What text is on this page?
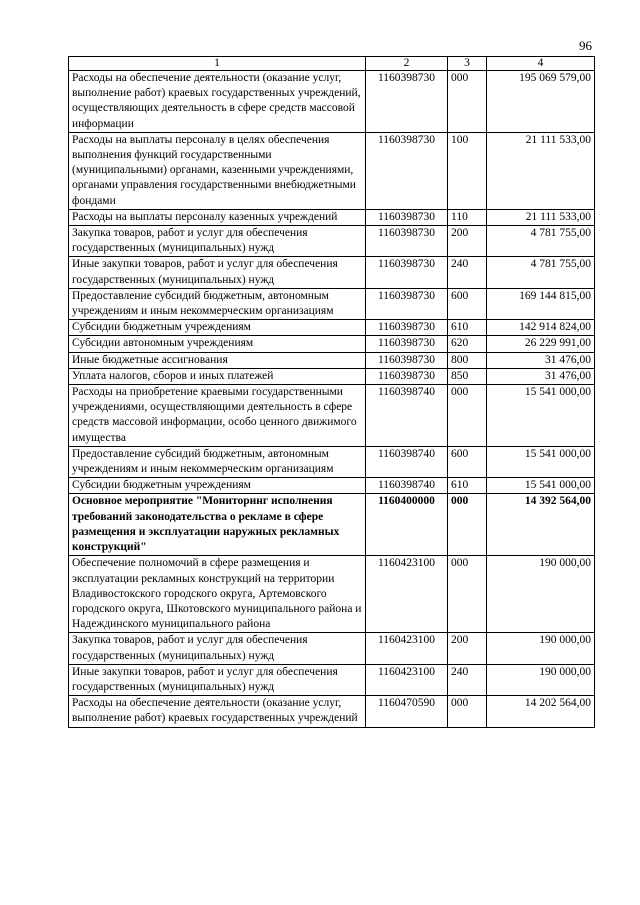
96
1	2	3	4
Расходы на обеспечение деятельности (оказание услуг, выполнение работ) краевых государственных учреждений, осуществляющих деятельность в сфере средств массовой информации	1160398730	000	195 069 579,00
Расходы на выплаты персоналу в целях обеспечения выполнения функций государственными (муниципальными) органами, казенными учреждениями, органами управления государственными внебюджетными фондами	1160398730	100	21 111 533,00
Расходы на выплаты персоналу казенных учреждений	1160398730	110	21 111 533,00
Закупка товаров, работ и услуг для обеспечения государственных (муниципальных) нужд	1160398730	200	4 781 755,00
Иные закупки товаров, работ и услуг для обеспечения государственных (муниципальных) нужд	1160398730	240	4 781 755,00
Предоставление субсидий бюджетным, автономным учреждениям и иным некоммерческим организациям	1160398730	600	169 144 815,00
Субсидии бюджетным учреждениям	1160398730	610	142 914 824,00
Субсидии автономным учреждениям	1160398730	620	26 229 991,00
Иные бюджетные ассигнования	1160398730	800	31 476,00
Уплата налогов, сборов и иных платежей	1160398730	850	31 476,00
Расходы на приобретение краевыми государственными учреждениями, осуществляющими деятельность в сфере средств массовой информации, особо ценного движимого имущества	1160398740	000	15 541 000,00
Предоставление субсидий бюджетным, автономным учреждениям и иным некоммерческим организациям	1160398740	600	15 541 000,00
Субсидии бюджетным учреждениям	1160398740	610	15 541 000,00
Основное мероприятие "Мониторинг исполнения требований законодательства о рекламе в сфере размещения и эксплуатации наружных рекламных конструкций"	1160400000	000	14 392 564,00
Обеспечение полномочий в сфере размещения и эксплуатации рекламных конструкций на территории Владивостокского городского округа, Артемовского городского округа, Шкотовского муниципального района и Надеждинского муниципального района	1160423100	000	190 000,00
Закупка товаров, работ и услуг для обеспечения государственных (муниципальных) нужд	1160423100	200	190 000,00
Иные закупки товаров, работ и услуг для обеспечения государственных (муниципальных) нужд	1160423100	240	190 000,00
Расходы на обеспечение деятельности (оказание услуг, выполнение работ) краевых государственных учреждений	1160470590	000	14 202 564,00
